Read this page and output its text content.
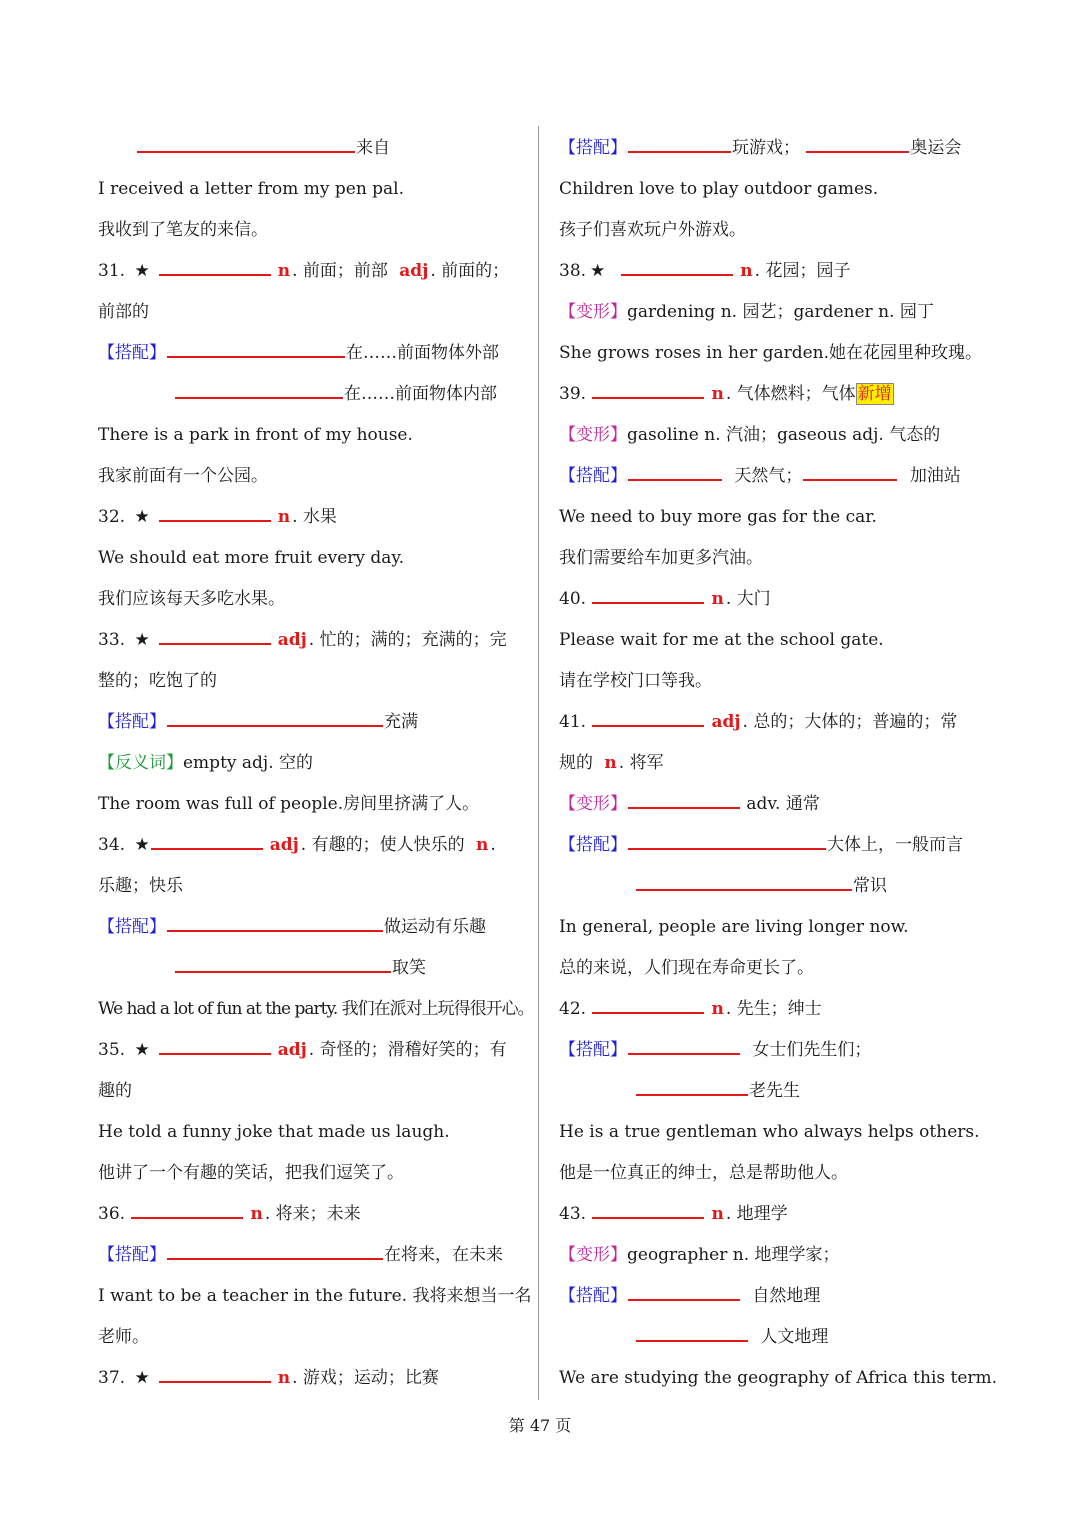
来自
I received a letter from my pen pal.
我收到了笔友的来信。
31. ★	n . 前面；前部 adj . 前面的；
前部的
【搭配】	在……前面物体外部
在……前面物体内部
There is a park in front of my house.
我家前面有一个公园。
32. ★	n . 水果
We should eat more fruit every day.
我们应该每天多吃水果。
33. ★	adj . 忙的；满的；充满的；完
整的；吃饱了的
【搭配】	充满
【反义词】empty adj. 空的
The room was full of people.房间里挤满了人。
34. ★	adj . 有趣的；使人快乐的 n .
乐趣；快乐
【搭配】	做运动有乐趣
取笑
We had a lot of fun at the party. 我们在派对上玩得很开心。
35. ★	adj . 奇怪的；滑稽好笑的；有
趣的
He told a funny joke that made us laugh.
他讲了一个有趣的笑话，把我们逗笑了。
36.	n . 将来；未来
【搭配】	在将来，在未来
I want to be a teacher in the future. 我将来想当一名
老师。
37. ★	n . 游戏；运动；比赛
【搭配】	玩游戏；	奥运会
Children love to play outdoor games.
孩子们喜欢玩户外游戏。
38. ★	n . 花园；园子
【变形】gardening n. 园艺；gardener n. 园丁
She grows roses in her garden.她在花园里种玫瑰。
39.	n . 气体燃料；气体 新增
【变形】gasoline n. 汽油；gaseous adj. 气态的
【搭配】	天然气；	加油站
We need to buy more gas for the car.
我们需要给车加更多汽油。
40.	n . 大门
Please wait for me at the school gate.
请在学校门口等我。
41.	adj . 总的；大体的；普遍的；常
规的 n . 将军
【变形】	adv. 通常
【搭配】	大体上，一般而言
常识
In general, people are living longer now.
总的来说，人们现在寿命更长了。
42.	n . 先生；绅士
【搭配】	女士们先生们；
老先生
He is a true gentleman who always helps others.
他是一位真正的绅士，总是帮助他人。
43.	n . 地理学
【变形】geographer n. 地理学家；
【搭配】	自然地理
人文地理
We are studying the geography of Africa this term.
第 47 页
